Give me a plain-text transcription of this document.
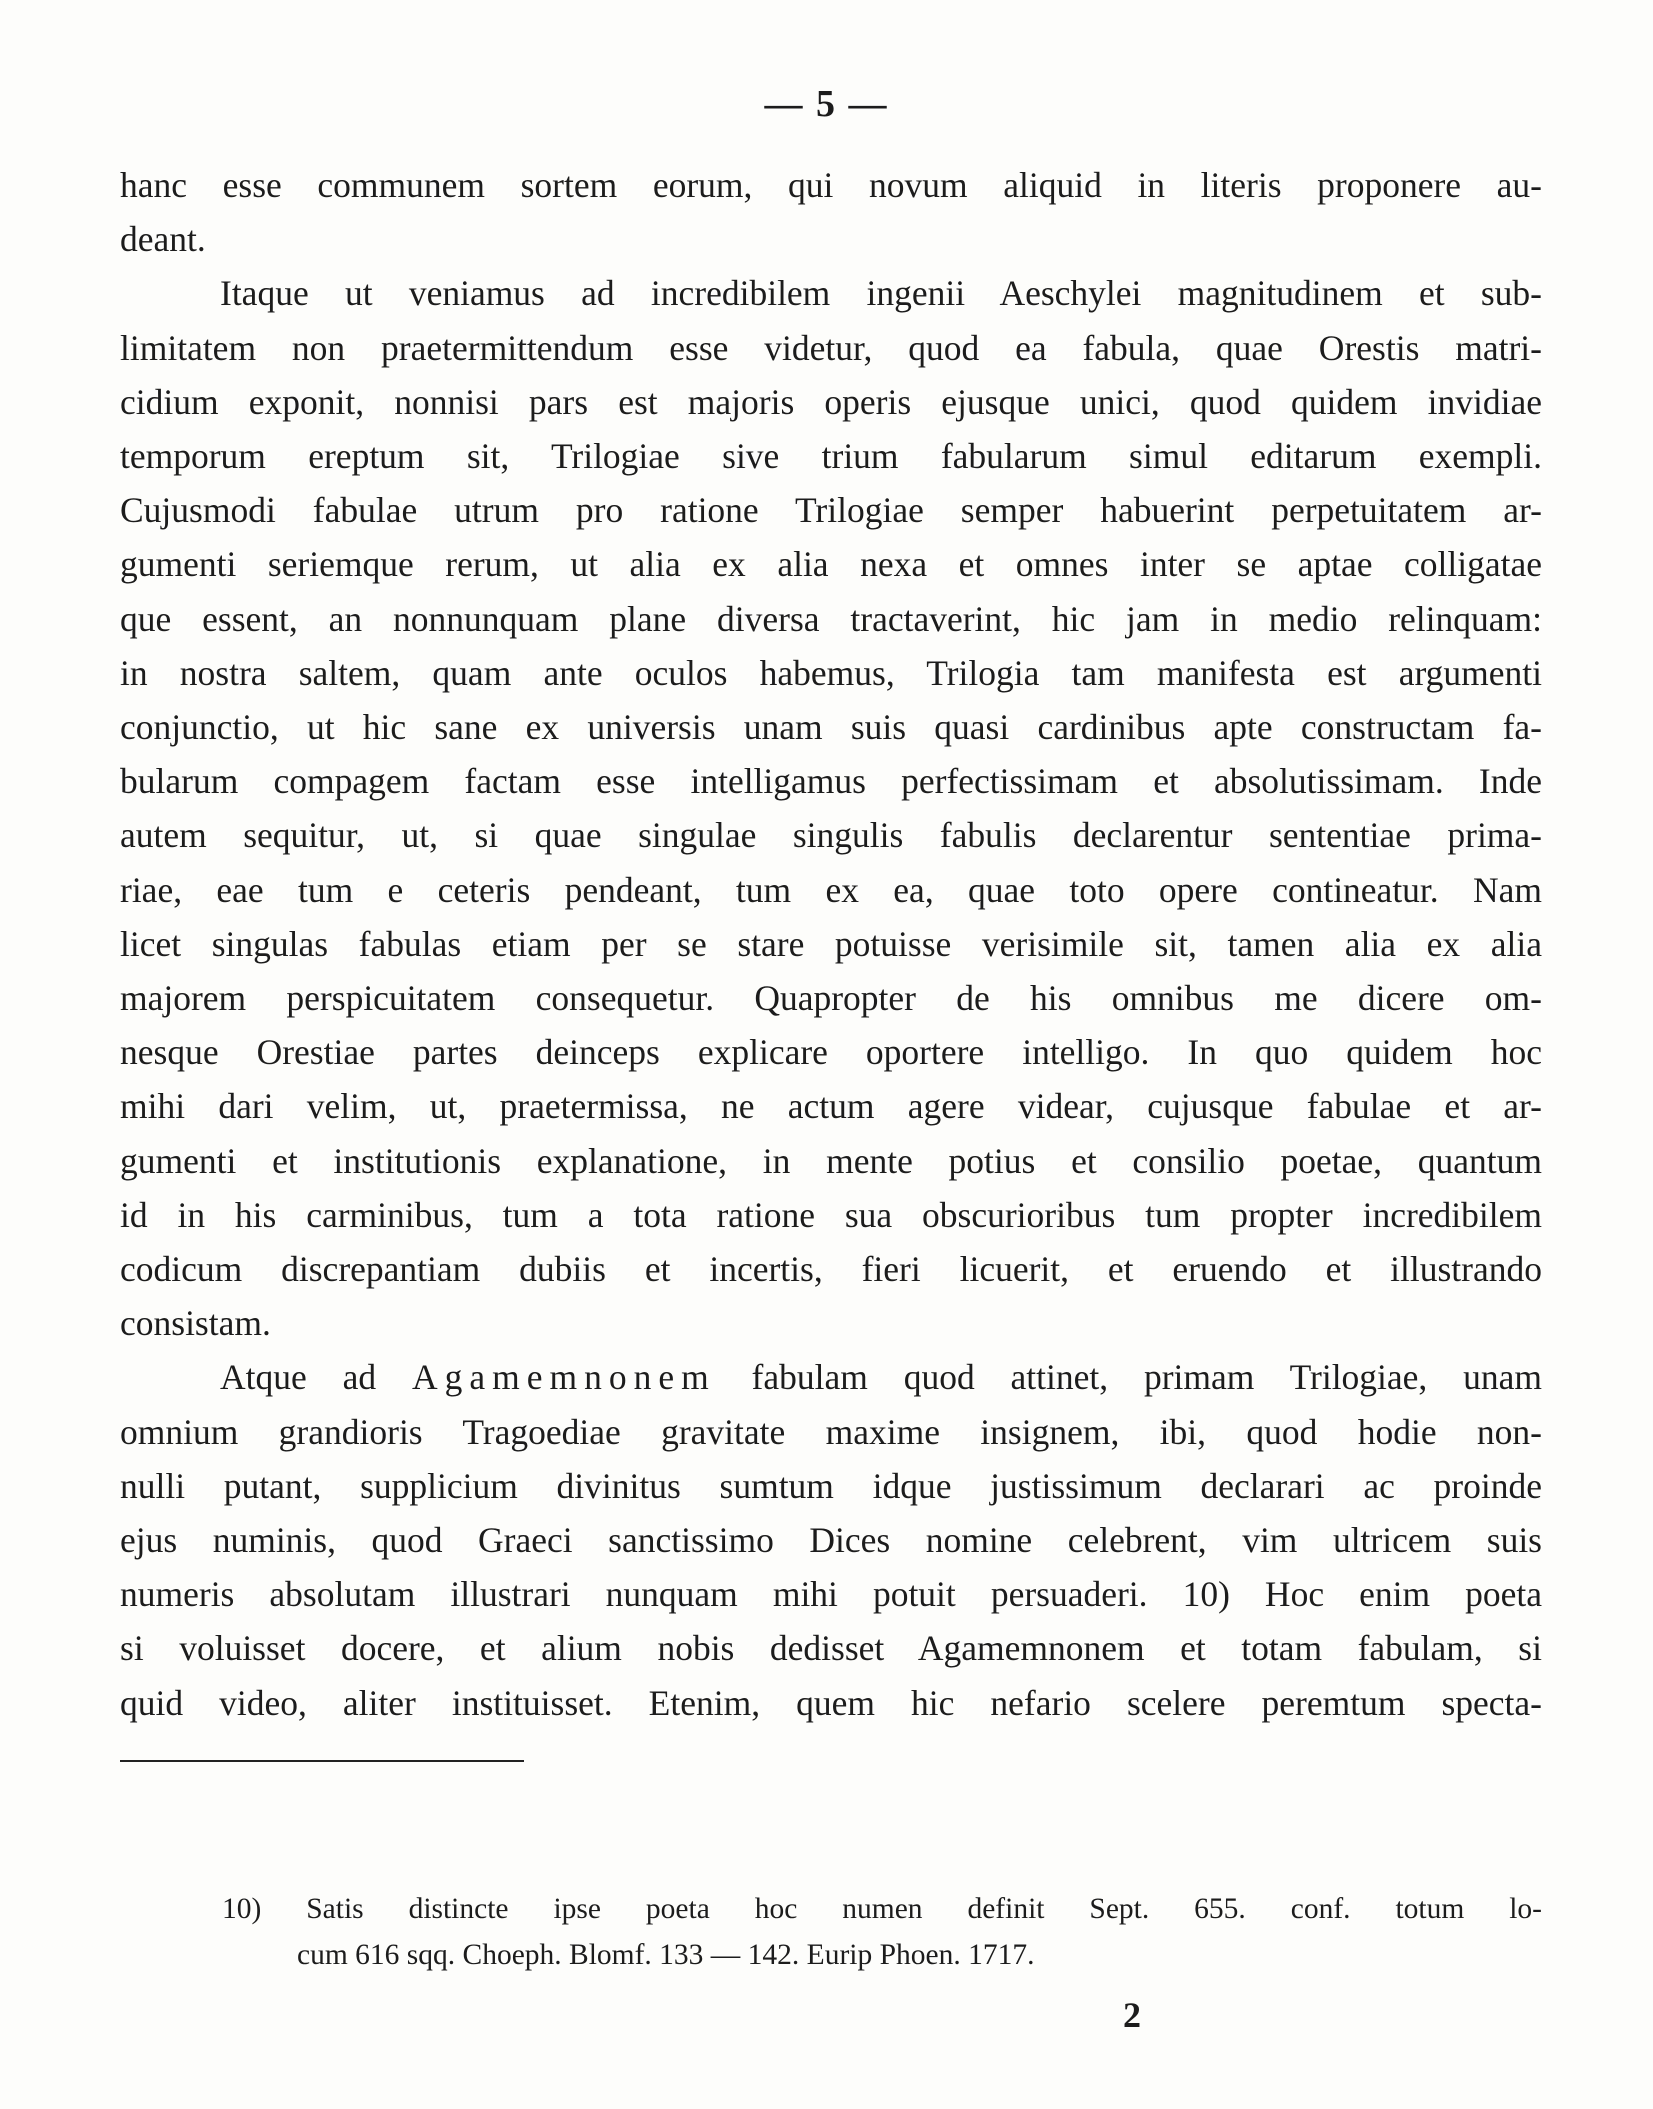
— 5 —

hanc esse communem sortem eorum, qui novum aliquid in literis proponere au-

deant.

Itaque ut veniamus ad incredibilem ingenii Aeschylei magnitudinem et sub-

limitatem non praetermittendum esse videtur, quod ea fabula, quae Orestis matri-

cidium exponit, nonnisi pars est majoris operis ejusque unici, quod quidem invidiae

temporum ereptum sit, Trilogiae sive trium fabularum simul editarum exempli.

Cujusmodi fabulae utrum pro ratione Trilogiae semper habuerint perpetuitatem ar-

gumenti seriemque rerum, ut alia ex alia nexa et omnes inter se aptae colligatae

que essent, an nonnunquam plane diversa tractaverint, hic jam in medio relinquam:

in nostra saltem, quam ante oculos habemus, Trilogia tam manifesta est argumenti

conjunctio, ut hic sane ex universis unam suis quasi cardinibus apte constructam fa-

bularum compagem factam esse intelligamus perfectissimam et absolutissimam. Inde

autem sequitur, ut, si quae singulae singulis fabulis declarentur sententiae prima-

riae, eae tum e ceteris pendeant, tum ex ea, quae toto opere contineatur. Nam

licet singulas fabulas etiam per se stare potuisse verisimile sit, tamen alia ex alia

majorem perspicuitatem consequetur. Quapropter de his omnibus me dicere om-

nesque Orestiae partes deinceps explicare oportere intelligo. In quo quidem hoc

mihi dari velim, ut, praetermissa, ne actum agere videar, cujusque fabulae et ar-

gumenti et institutionis explanatione, in mente potius et consilio poetae, quantum

id in his carminibus, tum a tota ratione sua obscurioribus tum propter incredibilem

codicum discrepantiam dubiis et incertis, fieri licuerit, et eruendo et illustrando

consistam.

Atque ad Agamemnonem fabulam quod attinet, primam Trilogiae, unam

omnium grandioris Tragoediae gravitate maxime insignem, ibi, quod hodie non-

nulli putant, supplicium divinitus sumtum idque justissimum declarari ac proinde

ejus numinis, quod Graeci sanctissimo Dices nomine celebrent, vim ultricem suis

numeris absolutam illustrari nunquam mihi potuit persuaderi. 10) Hoc enim poeta

si voluisset docere, et alium nobis dedisset Agamemnonem et totam fabulam, si

quid video, aliter instituisset. Etenim, quem hic nefario scelere peremtum specta-

10) Satis distincte ipse poeta hoc numen definit Sept. 655. conf. totum lo-

cum 616 sqq. Choeph. Blomf. 133 — 142. Eurip Phoen. 1717.

2
